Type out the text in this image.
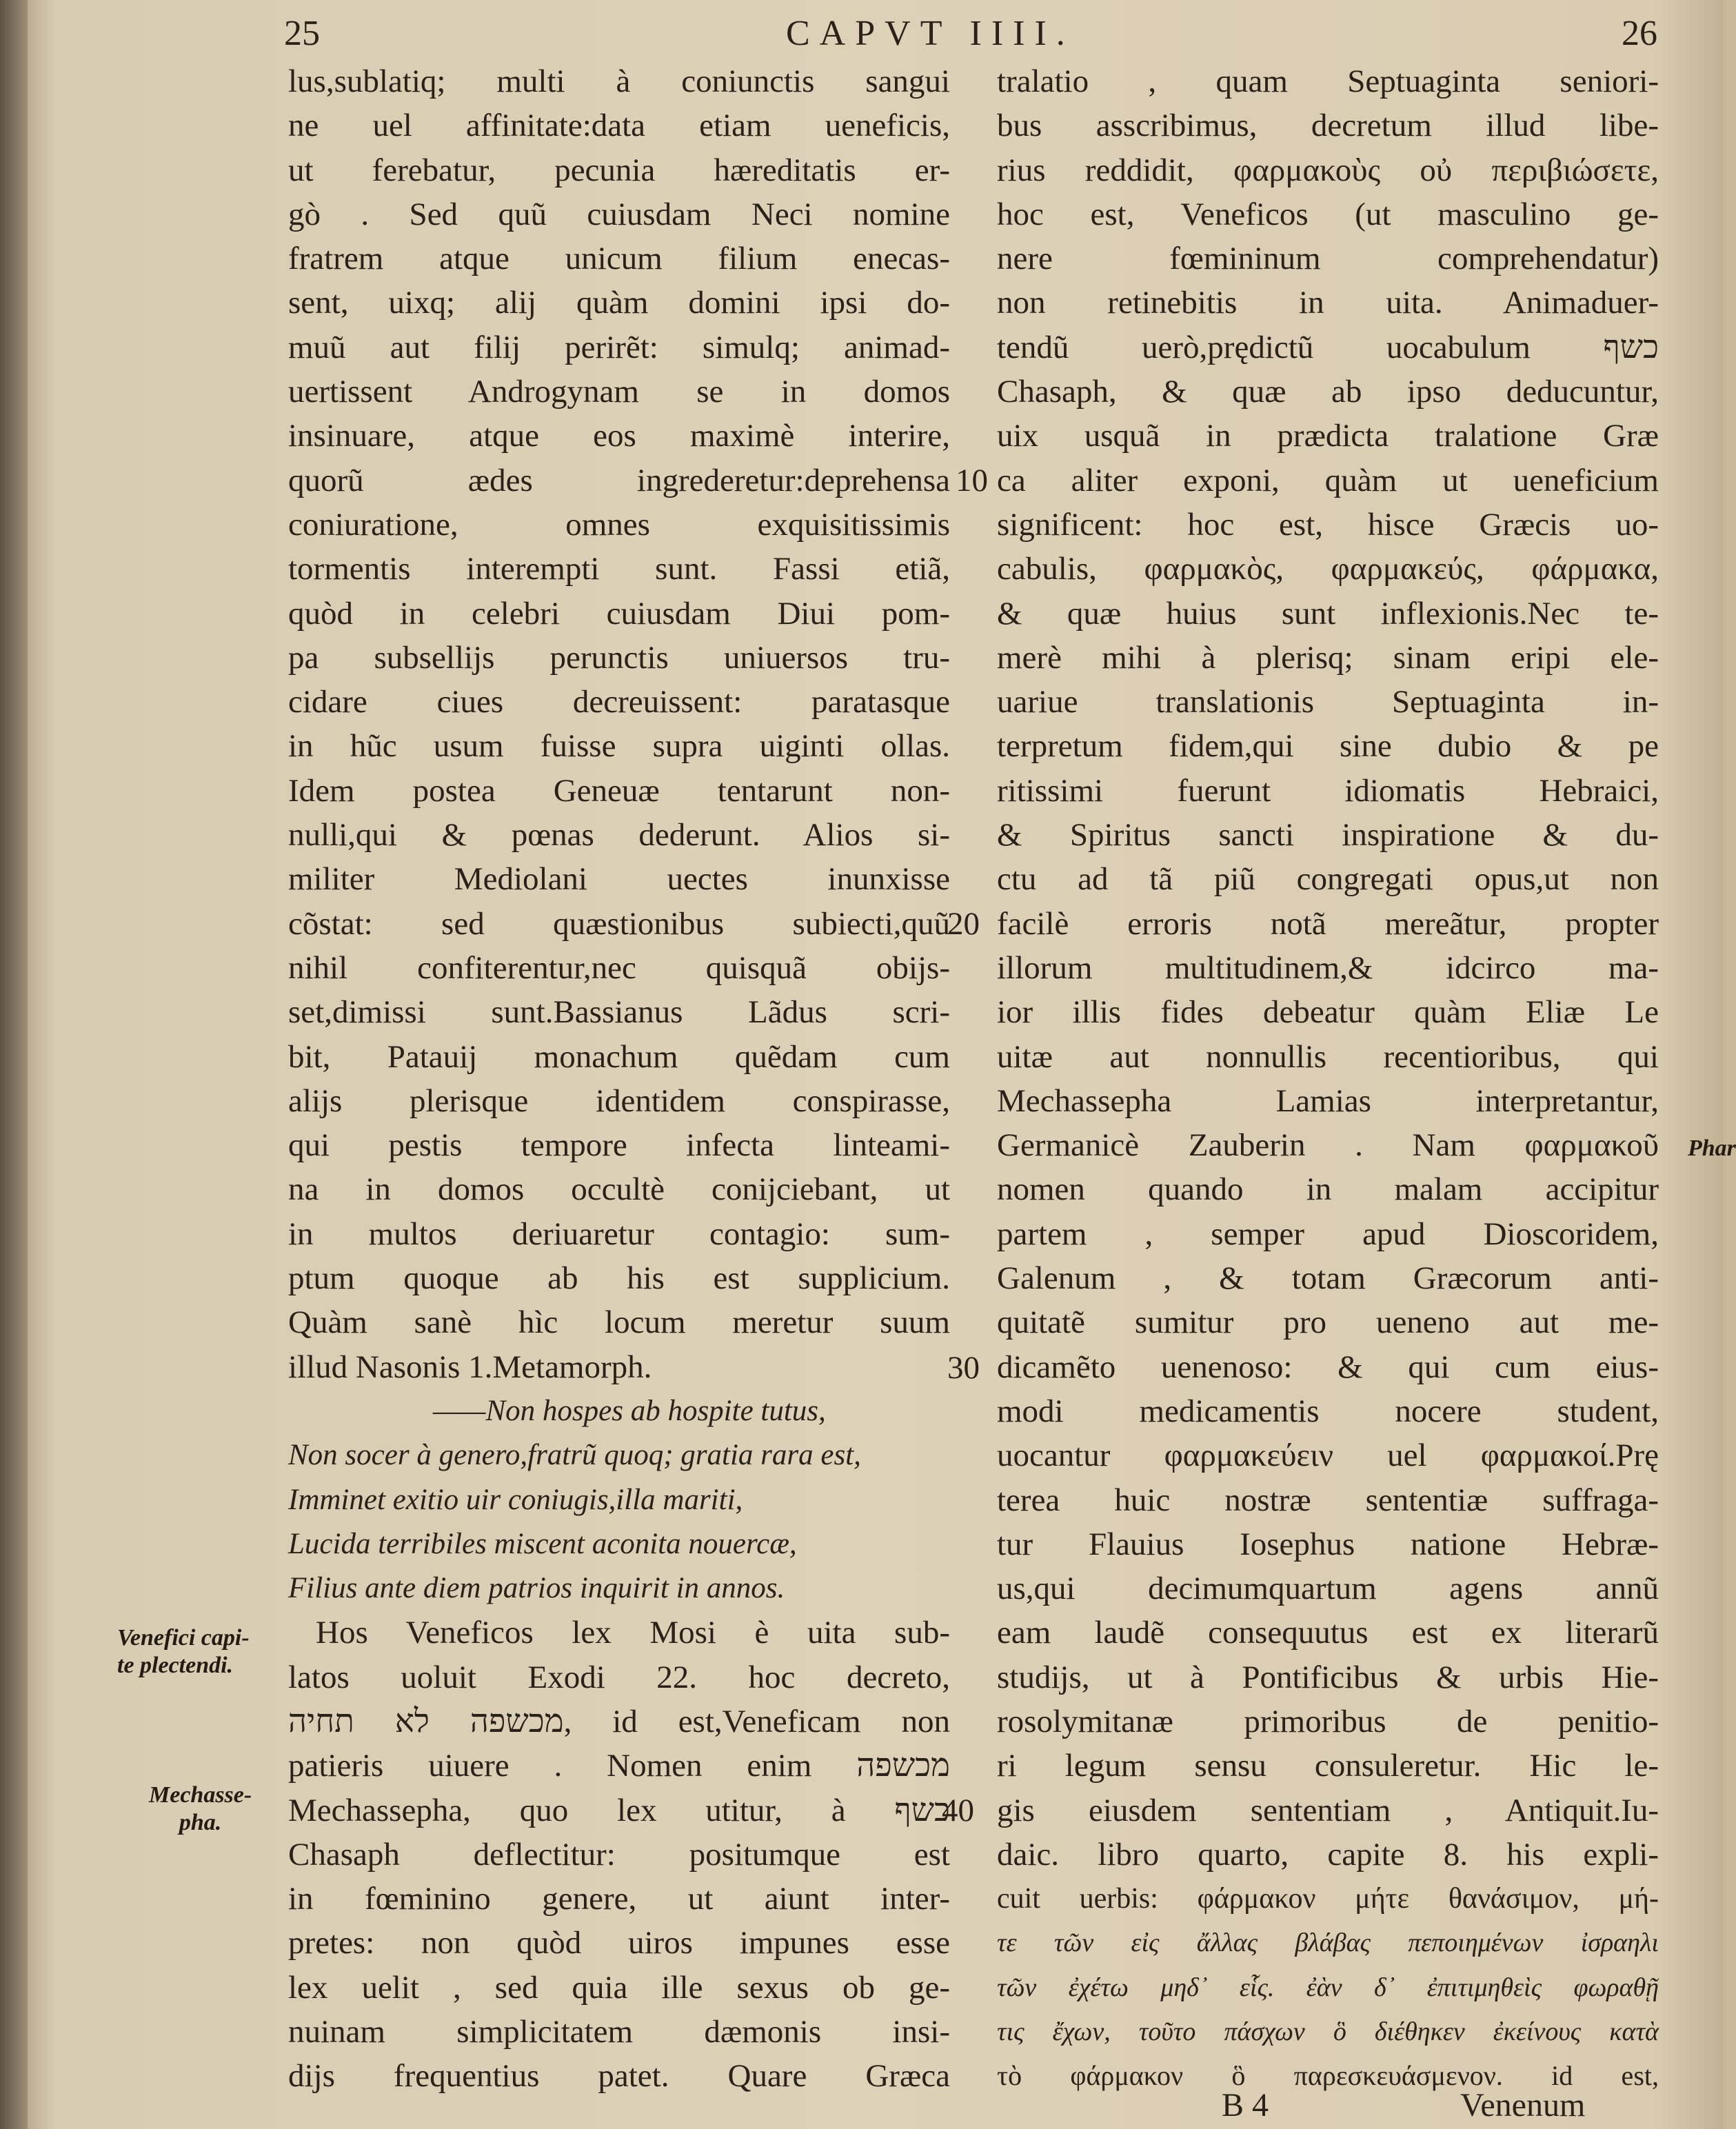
25	CAPVT IIII.	26
lus,sublatiq; multi à coniunctis sangui
ne uel affinitate:data etiam ueneficis,
ut ferebatur, pecunia hæreditatis er-
gò . Sed quũ cuiusdam Neci nomine
fratrem atque unicum filium enecas-
sent, uixq; alij quàm domini ipsi do-
muũ aut filij perirẽt: simulq; animad-
uertissent Androgynam se in domos
insinuare, atque eos maximè interire,
quorũ ædes ingrederetur:deprehensa
coniuratione, omnes exquisitissimis
tormentis interempti sunt. Fassi etiã,
quòd in celebri cuiusdam Diui pom-
pa subsellijs perunctis uniuersos tru-
cidare ciues decreuissent: paratasque
in hũc usum fuisse supra uiginti ollas.
Idem postea Geneuæ tentarunt non-
nulli,qui & pœnas dederunt. Alios si-
militer Mediolani uectes inunxisse
cõstat: sed quæstionibus subiecti,quũ
nihil confiterentur,nec quisquã obijs-
set,dimissi sunt.Bassianus Lãdus scri-
bit, Patauij monachum quẽdam cum
alijs plerisque identidem conspirasse,
qui pestis tempore infecta linteami-
na in domos occultè conijciebant, ut
in multos deriuaretur contagio: sum-
ptum quoque ab his est supplicium.
Quàm sanè hìc locum meretur suum
illud Nasonis 1.Metamorph.
——Non hospes ab hospite tutus,
Non socer à genero,fratrũ quoq; gratia rara est,
Imminet exitio uir coniugis,illa mariti,
Lucida terribiles miscent aconita nouercæ,
Filius ante diem patrios inquirit in annos.
Hos Veneficos lex Mosi è uita sub-
latos uoluit Exodi 22. hoc decreto,
מכשפה לא תחיה, id est,Veneficam non
patieris uiuere . Nomen enim מכשפה
Mechassepha, quo lex utitur, à כשף
Chasaph deflectitur: positumque est
in fœminino genere, ut aiunt inter-
pretes: non quòd uiros impunes esse
lex uelit , sed quia ille sexus ob ge-
nuinam simplicitatem dæmonis insi-
dijs frequentius patet. Quare Græca
10
20
30
40
tralatio , quam Septuaginta seniori-
bus asscribimus, decretum illud libe-
rius reddidit, φαρμακοὺς οὐ περιβιώσετε,
hoc est, Veneficos (ut masculino ge-
nere fœmininum comprehendatur)
non retinebitis in uita. Animaduer-
tendũ uerò,prędictũ uocabulum כשף
Chasaph, & quæ ab ipso deducuntur,
uix usquã in prædicta tralatione Græ
ca aliter exponi, quàm ut ueneficium
significent: hoc est, hisce Græcis uo-
cabulis, φαρμακὸς, φαρμακεύς, φάρμακα,
& quæ huius sunt inflexionis.Nec te-
merè mihi à plerisq; sinam eripi ele-
uariue translationis Septuaginta in-
terpretum fidem,qui sine dubio & pe
ritissimi fuerunt idiomatis Hebraici,
& Spiritus sancti inspiratione & du-
ctu ad tã piũ congregati opus,ut non
facilè erroris notã mereãtur, propter
illorum multitudinem,& idcirco ma-
ior illis fides debeatur quàm Eliæ Le
uitæ aut nonnullis recentioribus, qui
Mechassepha Lamias interpretantur,
Germanicè Zauberin . Nam φαρμακοῦ
nomen quando in malam accipitur
partem , semper apud Dioscoridem,
Galenum , & totam Græcorum anti-
quitatẽ sumitur pro ueneno aut me-
dicamẽto uenenoso: & qui cum eius-
modi medicamentis nocere student,
uocantur φαρμακεύειν uel φαρμακοί.Prę
terea huic nostræ sententiæ suffraga-
tur Flauius Iosephus natione Hebræ-
us,qui decimumquartum agens annũ
eam laudẽ consequutus est ex literarũ
studijs, ut à Pontificibus & urbis Hie-
rosolymitanæ primoribus de penitio-
ri legum sensu consuleretur. Hic le-
gis eiusdem sententiam , Antiquit.Iu-
daic. libro quarto, capite 8. his expli-
cuit uerbis: φάρμακον μήτε θανάσιμον, μή-
τε τῶν εἰς ἄλλας βλάβας πεποιημένων ἰσραηλι
τῶν ἐχέτω μηδ᾽ εἷς. ἐὰν δ᾽ ἐπιτιμηθεὶς φωραθῇ
τις ἔχων, τοῦτο πάσχων ὃ διέθηκεν ἐκείνους κατὰ
τὸ φάρμακον ὃ παρεσκευάσμενον. id est,
Venefici capi-
te plectendi.
Mechasse-
pha.
Phar
B 4	Venenum
